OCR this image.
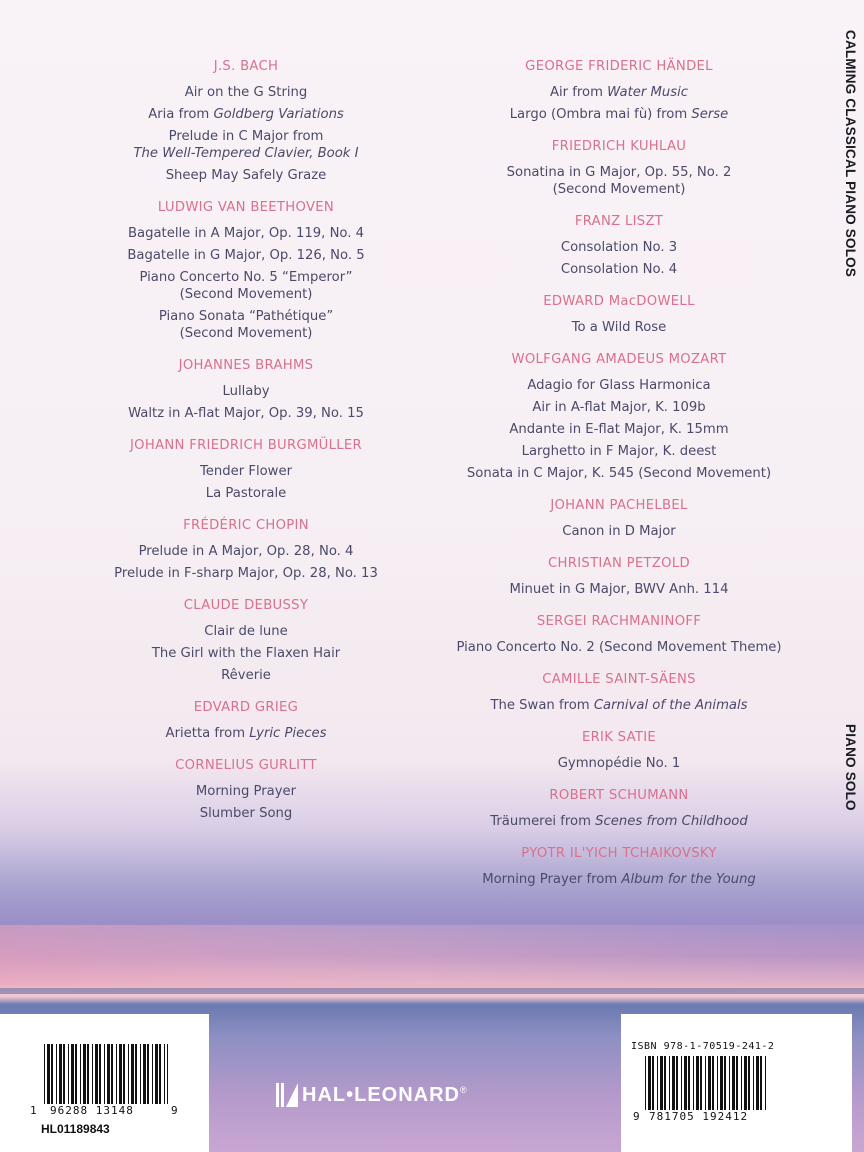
J.S. BACH
Air on the G String
Aria from Goldberg Variations
Prelude in C Major from
The Well-Tempered Clavier, Book I
Sheep May Safely Graze
LUDWIG VAN BEETHOVEN
Bagatelle in A Major, Op. 119, No. 4
Bagatelle in G Major, Op. 126, No. 5
Piano Concerto No. 5 “Emperor”
(Second Movement)
Piano Sonata “Pathétique”
(Second Movement)
JOHANNES BRAHMS
Lullaby
Waltz in A-flat Major, Op. 39, No. 15
JOHANN FRIEDRICH BURGMÜLLER
Tender Flower
La Pastorale
FRÉDÉRIC CHOPIN
Prelude in A Major, Op. 28, No. 4
Prelude in F-sharp Major, Op. 28, No. 13
CLAUDE DEBUSSY
Clair de lune
The Girl with the Flaxen Hair
Rêverie
EDVARD GRIEG
Arietta from Lyric Pieces
CORNELIUS GURLITT
Morning Prayer
Slumber Song
GEORGE FRIDERIC HÄNDEL
Air from Water Music
Largo (Ombra mai fù) from Serse
FRIEDRICH KUHLAU
Sonatina in G Major, Op. 55, No. 2
(Second Movement)
FRANZ LISZT
Consolation No. 3
Consolation No. 4
EDWARD MacDOWELL
To a Wild Rose
WOLFGANG AMADEUS MOZART
Adagio for Glass Harmonica
Air in A-flat Major, K. 109b
Andante in E-flat Major, K. 15mm
Larghetto in F Major, K. deest
Sonata in C Major, K. 545 (Second Movement)
JOHANN PACHELBEL
Canon in D Major
CHRISTIAN PETZOLD
Minuet in G Major, BWV Anh. 114
SERGEI RACHMANINOFF
Piano Concerto No. 2 (Second Movement Theme)
CAMILLE SAINT-SÄENS
The Swan from Carnival of the Animals
ERIK SATIE
Gymnopédie No. 1
ROBERT SCHUMANN
Träumerei from Scenes from Childhood
PYOTR IL'YICH TCHAIKOVSKY
Morning Prayer from Album for the Young
CALMING CLASSICAL PIANO SOLOS
PIANO SOLO
1 96288 13148	9
HL01189843
HAL•LEONARD ®
ISBN 978-1-70519-241-2
9 781705 192412
